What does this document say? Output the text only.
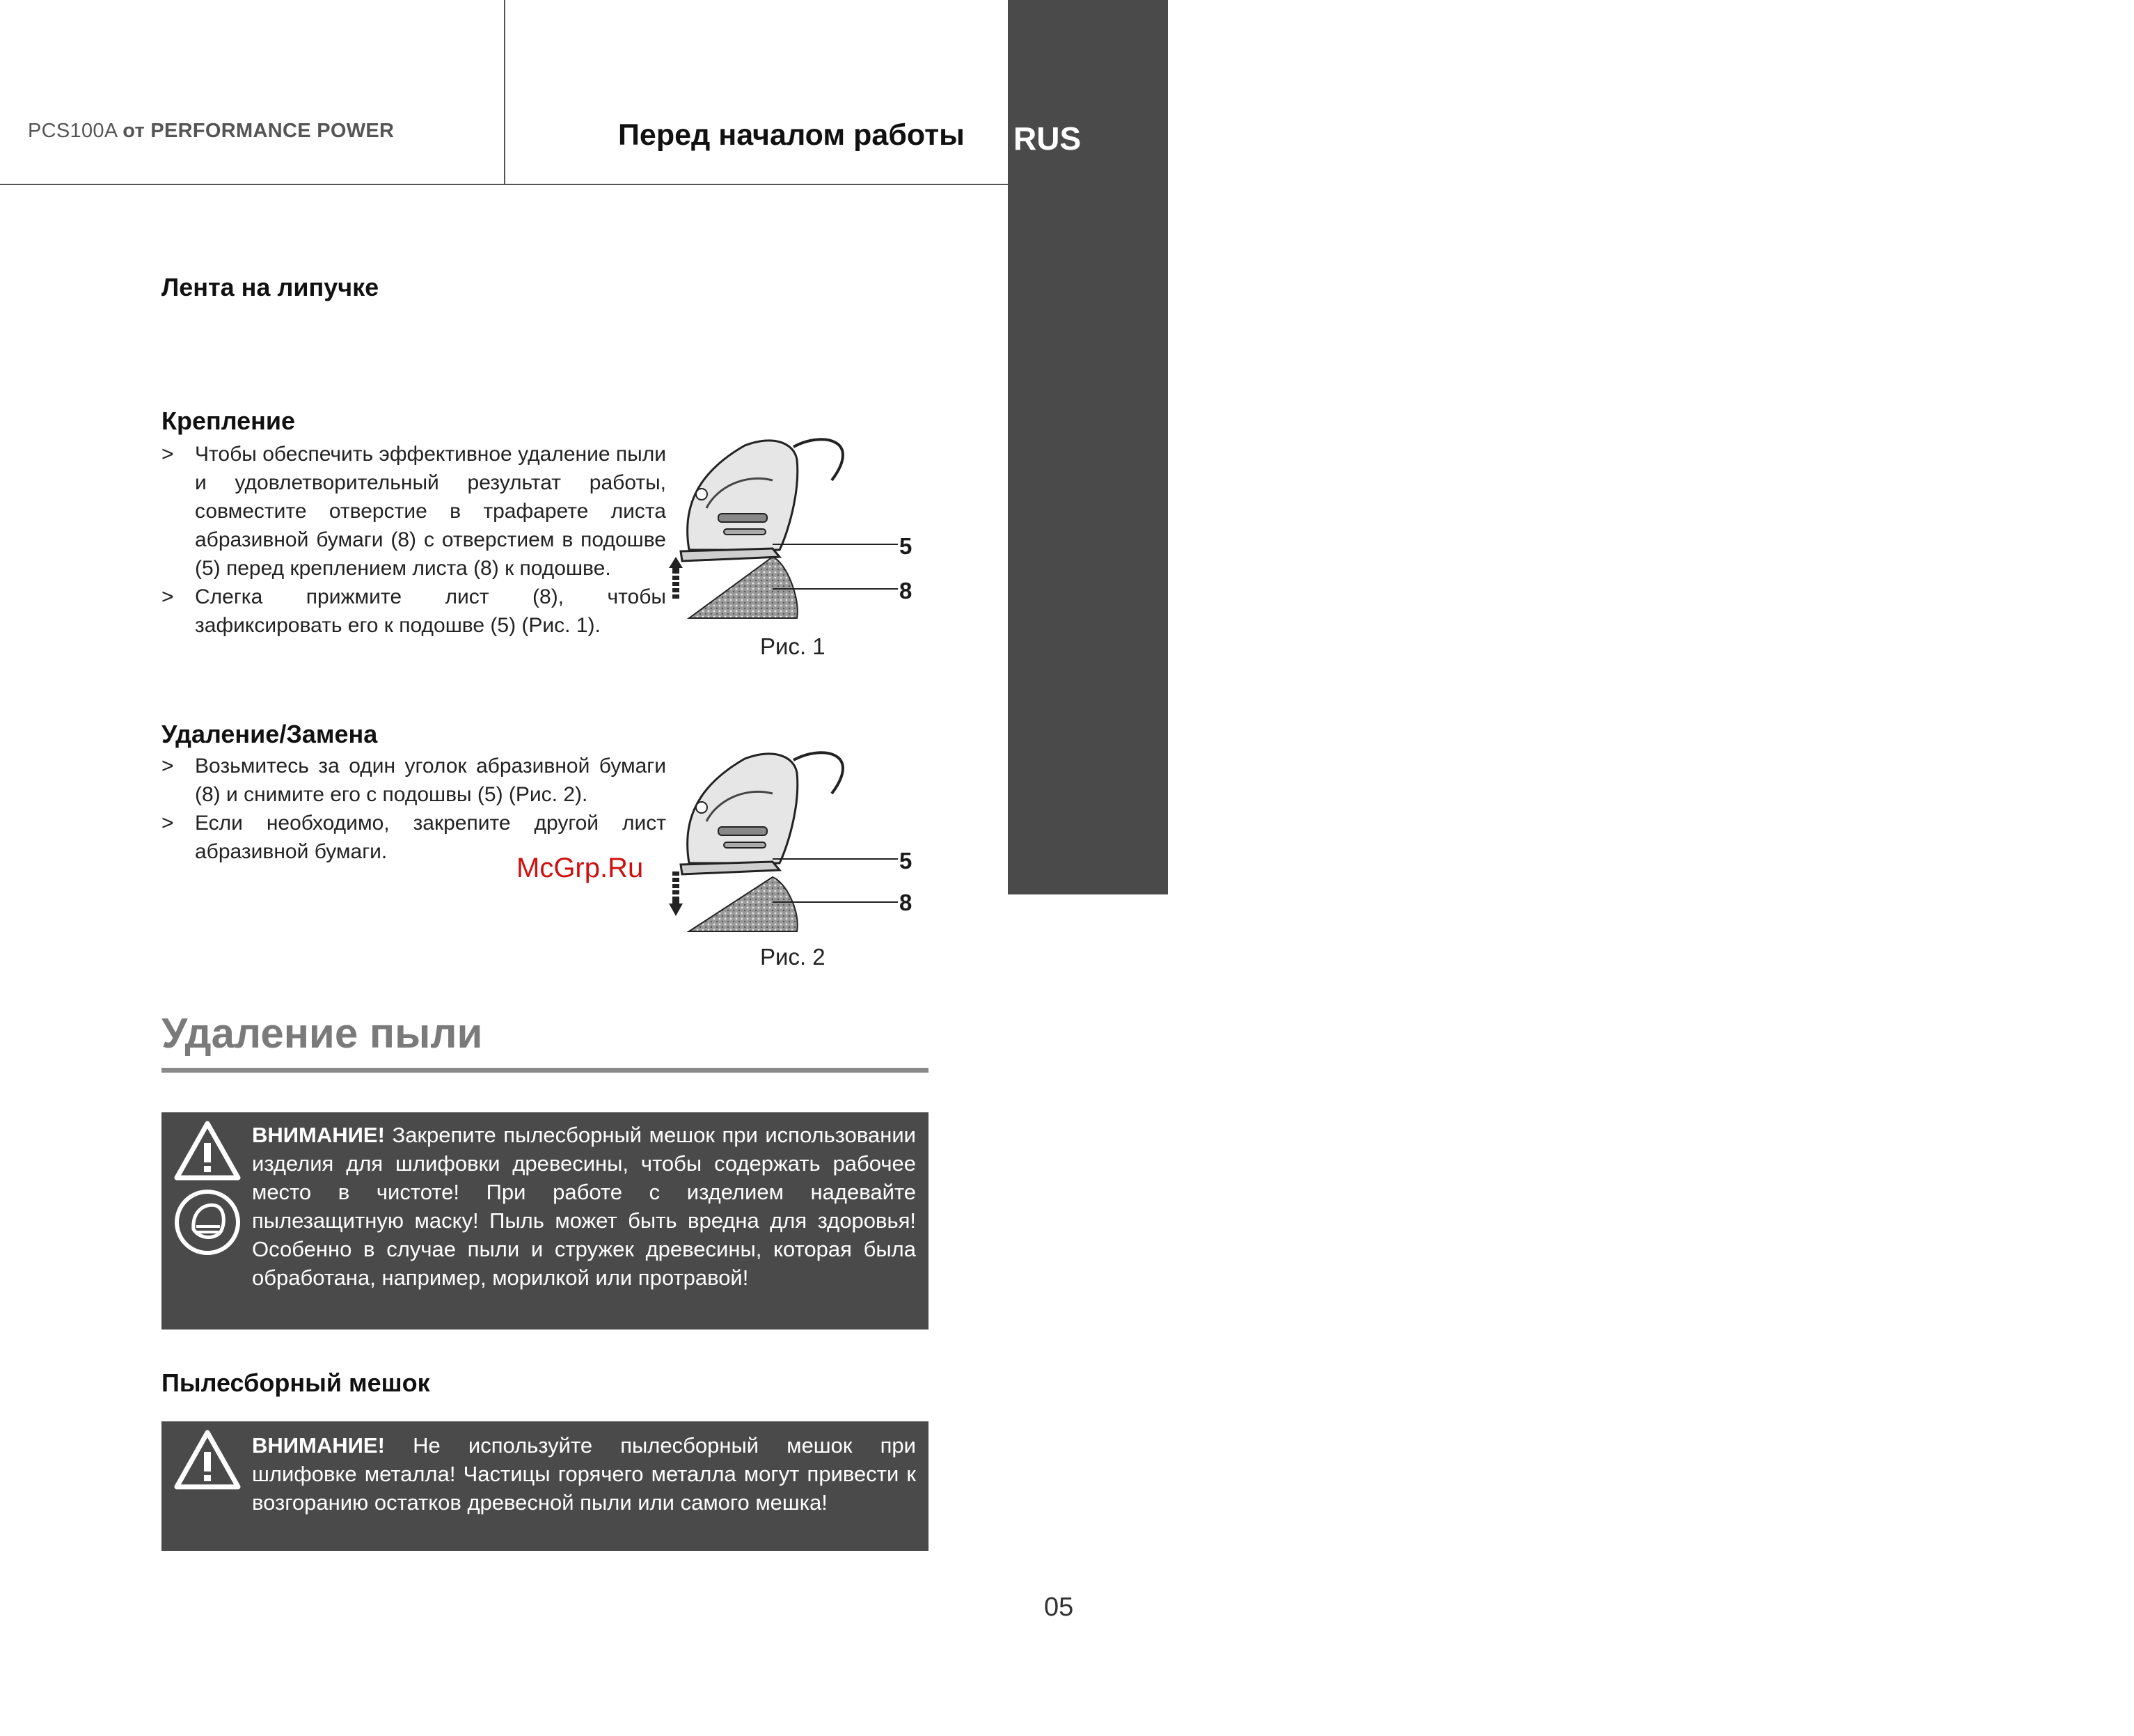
PCS100A от PERFORMANCE POWER	Перед началом работы
Приступим ...
RUS
Лента на липучке
Крепление
> Чтобы обеспечить эффективное удаление пыли и удовлетворительный результат работы, совместите отверстие в трафарете листа абразивной бумаги (8) с отверстием в подошве (5) перед креплением листа (8) к подошве.
> Слегка прижмите лист (8), чтобы зафиксировать его к подошве (5) (Рис. 1).
5
8
Рис. 1
Удаление/Замена
> Возьмитесь за один уголок абразивной бумаги (8) и снимите его с подошвы (5) (Рис. 2).
> Если необходимо, закрепите другой лист абразивной бумаги.	5
8
Рис. 2
McGrp.Ru
Удаление пыли
ВНИМАНИЕ! Закрепите пылесборный мешок при использовании изделия для шлифовки древесины, чтобы содержать рабочее место в чистоте! При работе с изделием надевайте пылезащитную маску! Пыль может быть вредна для здоровья! Особенно в случае пыли и стружек древесины, которая была обработана, например, морилкой или протравой!
Пылесборный мешок
ВНИМАНИЕ! Не используйте пылесборный мешок при шлифовке металла! Частицы горячего металла могут привести к возгоранию остатков древесной пыли или самого мешка!
05
